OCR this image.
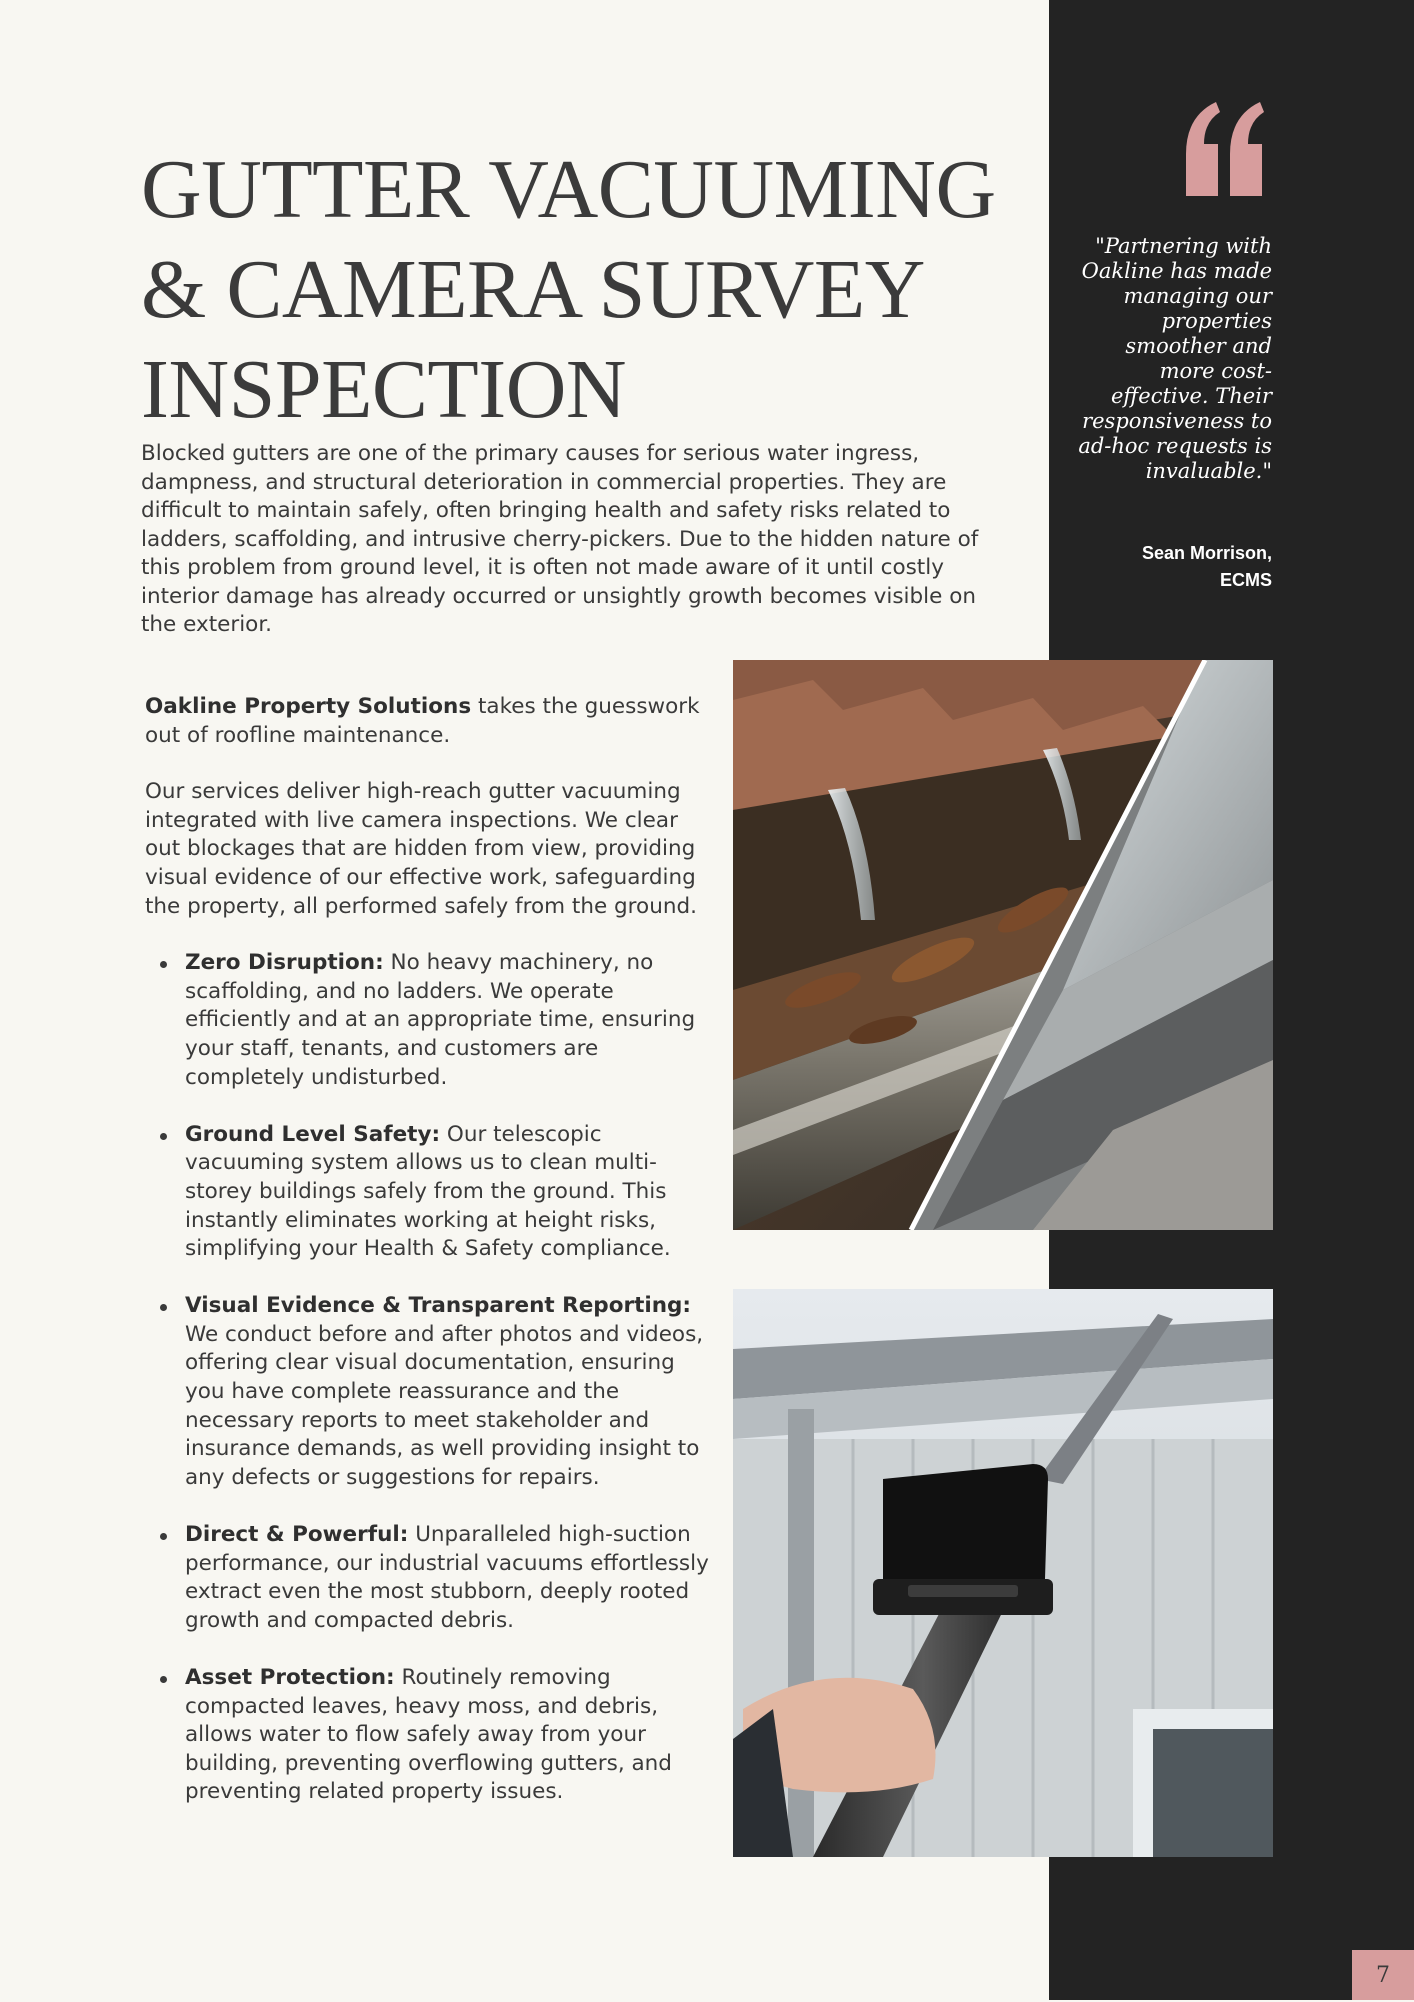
"Partnering with
Oakline has made
managing our
properties
smoother and
more cost-
effective. Their
responsiveness to
ad-hoc requests is
invaluable."

Sean Morrison,
ECMS

GUTTER VACUUMING
& CAMERA SURVEY
INSPECTION

Blocked gutters are one of the primary causes for serious water ingress, dampness, and structural deterioration in commercial properties. They are difficult to maintain safely, often bringing health and safety risks related to ladders, scaffolding, and intrusive cherry-pickers. Due to the hidden nature of this problem from ground level, it is often not made aware of it until costly interior damage has already occurred or unsightly growth becomes visible on the exterior.

Oakline Property Solutions takes the guesswork out of roofline maintenance.

Our services deliver high-reach gutter vacuuming integrated with live camera inspections. We clear out blockages that are hidden from view, providing visual evidence of our effective work, safeguarding the property, all performed safely from the ground.

Zero Disruption: No heavy machinery, no scaffolding, and no ladders. We operate efficiently and at an appropriate time, ensuring your staff, tenants, and customers are completely undisturbed.
Ground Level Safety: Our telescopic vacuuming system allows us to clean multi-storey buildings safely from the ground. This instantly eliminates working at height risks, simplifying your Health & Safety compliance.
Visual Evidence & Transparent Reporting: We conduct before and after photos and videos, offering clear visual documentation, ensuring you have complete reassurance and the necessary reports to meet stakeholder and insurance demands, as well providing insight to any defects or suggestions for repairs.
Direct & Powerful: Unparalleled high-suction performance, our industrial vacuums effortlessly extract even the most stubborn, deeply rooted growth and compacted debris.
Asset Protection: Routinely removing compacted leaves, heavy moss, and debris, allows water to flow safely away from your building, preventing overflowing gutters, and preventing related property issues.
7
